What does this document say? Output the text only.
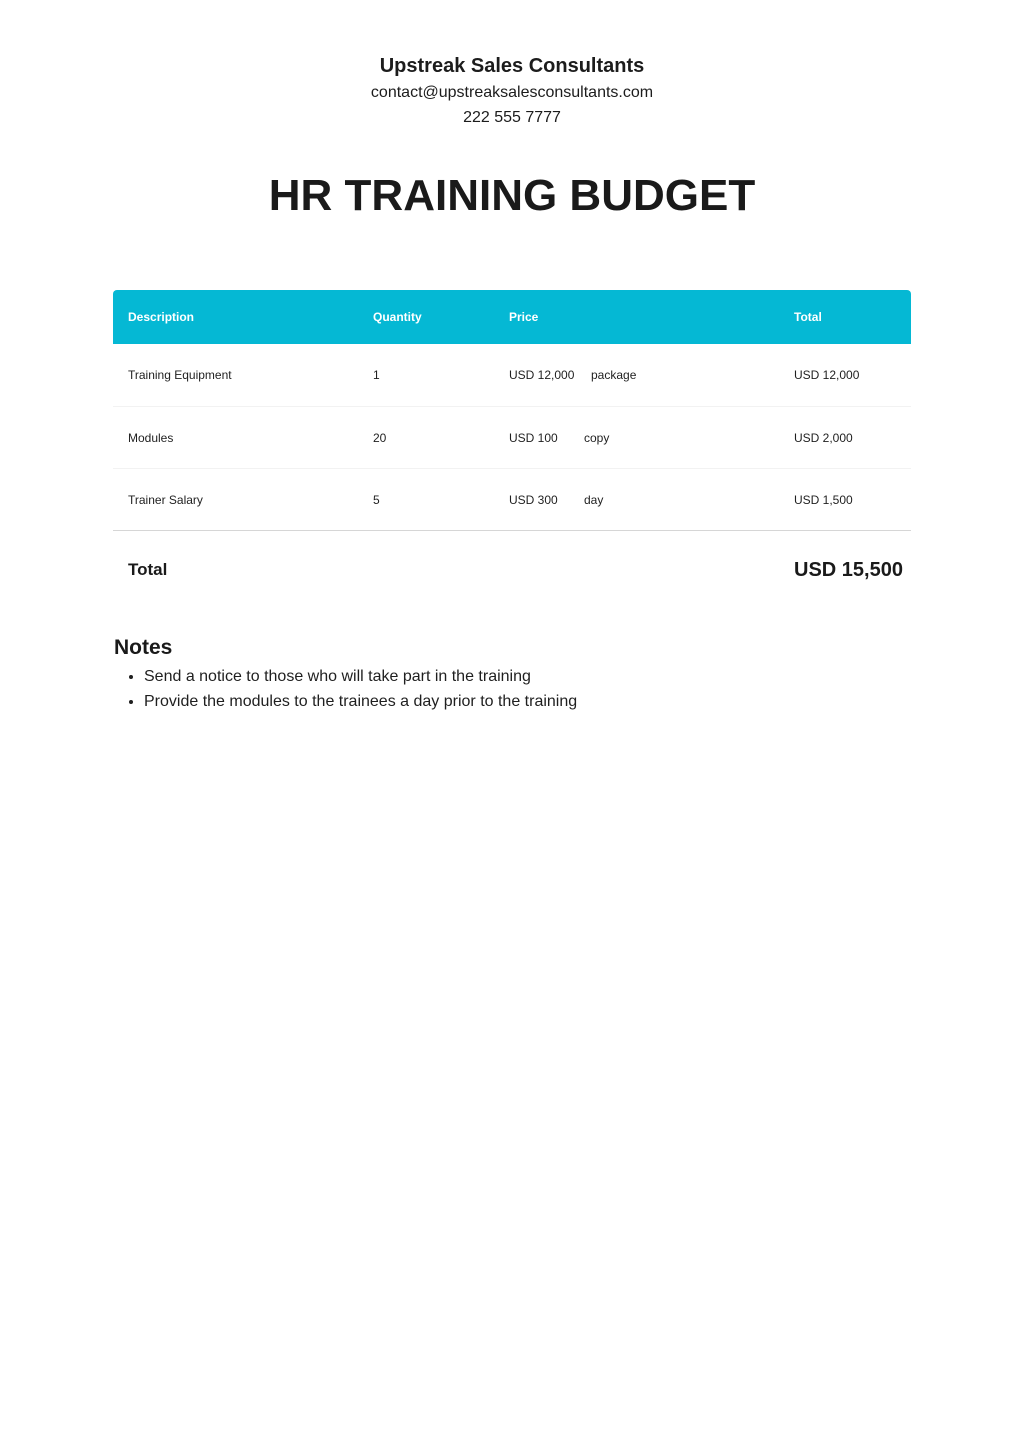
Upstreak Sales Consultants
contact@upstreaksalesconsultants.com
222 555 7777
HR TRAINING BUDGET
Description	Quantity	Price	Total
Training Equipment	1	USD 12,000 package	USD 12,000
Modules	20	USD 100 copy	USD 2,000
Trainer Salary	5	USD 300 day	USD 1,500
Total	USD 15,500
Notes
• Send a notice to those who will take part in the training
• Provide the modules to the trainees a day prior to the training
